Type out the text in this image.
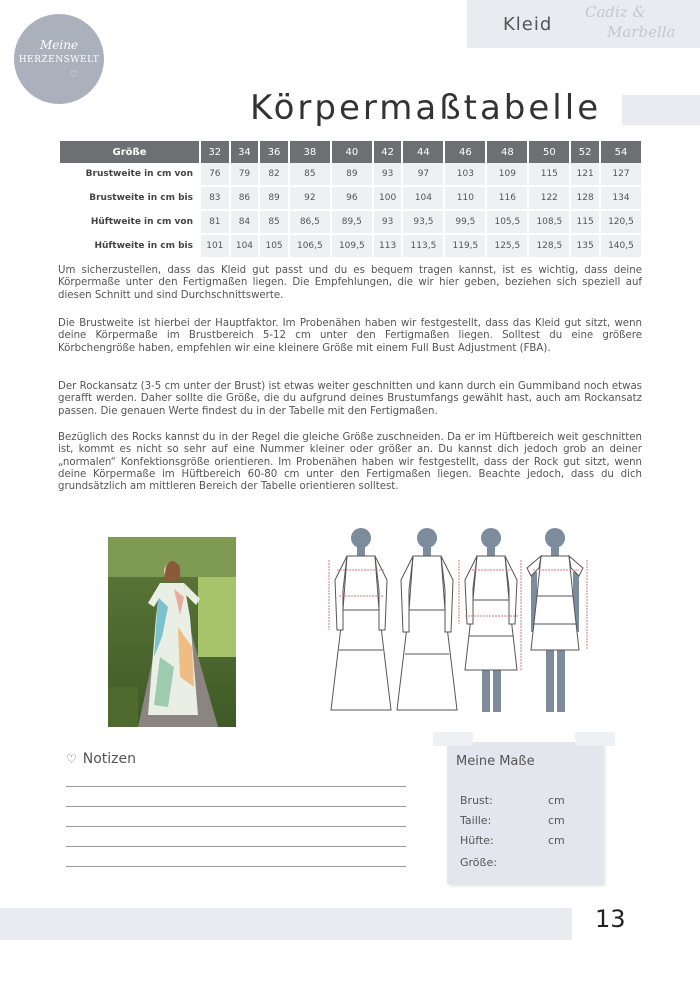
Kleid
Cadiz &
Marbella
Meine
HERZENSWELT
♡
Körpermaßtabelle
Größe	32	34	36	38	40	42	44	46	48	50	52	54
Brustweite in cm von	76	79	82	85	89	93	97	103	109	115	121	127
Brustweite in cm bis	83	86	89	92	96	100	104	110	116	122	128	134
Hüftweite in cm von	81	84	85	86,5	89,5	93	93,5	99,5	105,5	108,5	115	120,5
Hüftweite in cm bis	101	104	105	106,5	109,5	113	113,5	119,5	125,5	128,5	135	140,5

Um sicherzustellen, dass das Kleid gut passt und du es bequem tragen kannst, ist es wichtig, dass deine Körpermaße unter den Fertigmaßen liegen. Die Empfehlungen, die wir hier geben, beziehen sich speziell auf diesen Schnitt und sind Durchschnittswerte.

Die Brustweite ist hierbei der Hauptfaktor. Im Probenähen haben wir festgestellt, dass das Kleid gut sitzt, wenn deine Körpermaße im Brustbereich 5-12 cm unter den Fertigmaßen liegen. Solltest du eine größere Körbchengröße haben, empfehlen wir eine kleinere Größe mit einem Full Bust Adjustment (FBA).

Der Rockansatz (3-5 cm unter der Brust) ist etwas weiter geschnitten und kann durch ein Gummiband noch etwas gerafft werden. Daher sollte die Größe, die du aufgrund deines Brustumfangs gewählt hast, auch am Rockansatz passen. Die genauen Werte findest du in der Tabelle mit den Fertigmaßen.

Bezüglich des Rocks kannst du in der Regel die gleiche Größe zuschneiden. Da er im Hüftbereich weit geschnitten ist, kommt es nicht so sehr auf eine Nummer kleiner oder größer an. Du kannst dich jedoch grob an deiner „normalen“ Konfektionsgröße orientieren. Im Probenähen haben wir festgestellt, dass der Rock gut sitzt, wenn deine Körpermaße im Hüftbereich 60-80 cm unter den Fertigmaßen liegen. Beachte jedoch, dass du dich grundsätzlich am mittleren Bereich der Tabelle orientieren solltest.

♡ Notizen	Meine Maße
Brust:	cm
Taille:	cm
Hüfte:	cm
Größe:
13
